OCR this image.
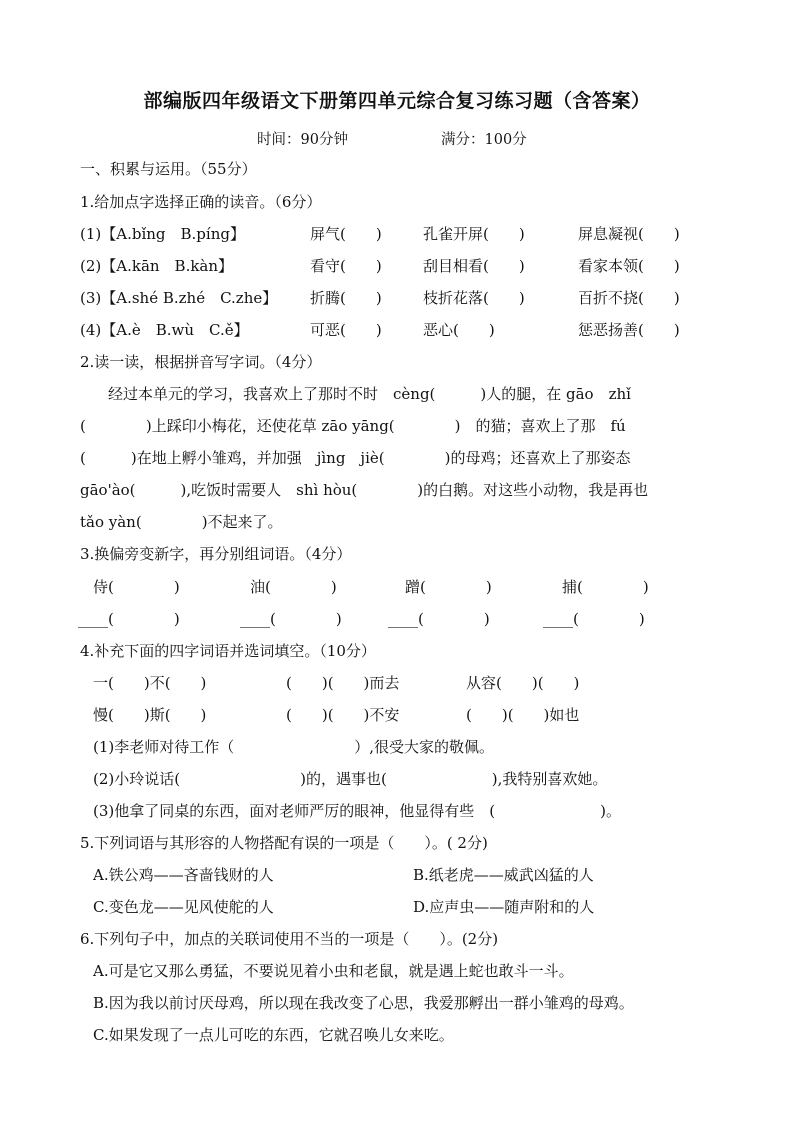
部编版四年级语文下册第四单元综合复习练习题（含答案）
时间：90分钟	满分：100分
一、积累与运用。（55分）
1.给加点字选择正确的读音。（6分）
(1)【A.bǐng　B.píng】	屏气(　　)	孔雀开屏(　　)	屏息凝视(　　)
(2)【A.kān　B.kàn】	看守(　　)	刮目相看(　　)	看家本领(　　)
(3)【A.shé B.zhé　C.zhe】 折腾(　　)	枝折花落(　　)	百折不挠(　　)
(4)【A.è　B.wù　C.ě】	可恶(　　)	恶心(　　)	惩恶扬善(　　)
2.读一读，根据拼音写字词。（4分）
经过本单元的学习，我喜欢上了那时不时　cèng(　　　)人的腿，在 gāo　zhǐ
(　　　　)上踩印小梅花，还使花草 zāo yāng(　　　　)　的猫；喜欢上了那　fú
(　　　)在地上孵小雏鸡，并加强　jìng　jiè(　　　　)的母鸡；还喜欢上了那姿态
gāo'ào(　　　),吃饭时需要人　shì hòu(　　　　)的白鹅。对这些小动物，我是再也
tǎo yàn(　　　　)不起来了。
3.换偏旁变新字，再分别组词语。（4分）
侍(　　　　)	油(　　　　)	蹭(　　　　)	捕(　　　　)
____(　　　　)	____(　　　　)	____(　　　　)	____(　　　　)
4.补充下面的四字词语并选词填空。（10分）
一(　　)不(　　)	(　　)(　　)而去	从容(　　)(　　)
慢(　　)斯(　　)	(　　)(　　)不安	(　　)(　　)如也
(1)李老师对待工作（　　　　　　　　）,很受大家的敬佩。
(2)小玲说话(　　　　　　　　)的，遇事也(　　　　　　　),我特别喜欢她。
(3)他拿了同桌的东西，面对老师严厉的眼神，他显得有些　(　　　　　　　)。
5.下列词语与其形容的人物搭配有误的一项是（　　）。( 2分)
A.铁公鸡——吝啬钱财的人	B.纸老虎——威武凶猛的人
C.变色龙——见风使舵的人	D.应声虫——随声附和的人
6.下列句子中，加点的关联词使用不当的一项是（　　）。(2分)
A.可是它又那么勇猛，不要说见着小虫和老鼠，就是遇上蛇也敢斗一斗。
B.因为我以前讨厌母鸡，所以现在我改变了心思，我爱那孵出一群小雏鸡的母鸡。
C.如果发现了一点儿可吃的东西，它就召唤儿女来吃。
